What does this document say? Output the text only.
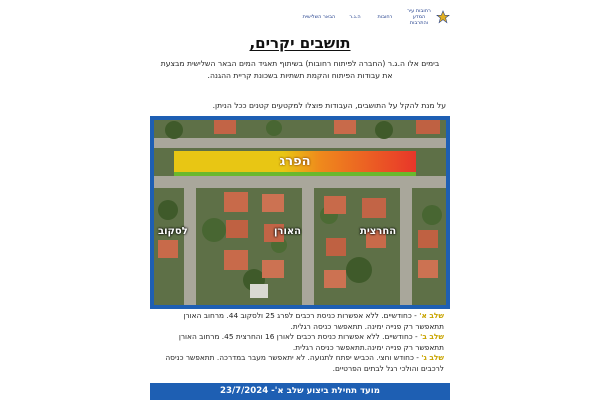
הבאר השלישית	ה.ג.ר	רחובות
רחובות עיר המדע והתרבות
תושבים יקרים,

בימים אלו ה.ג.ר (החברה לפיתוח רחובות) בשיתוף תאגיד המים הבאר השלישית מבצעת את עבודות הפיתוח והקמת תשתיות בשכונת קריית ההגנה.

על מנת להקל על התושבים, העבודות פוצלו למקטעים קטנים ככל הניתן.

הפרג
החרצית
האורן
לסקוב
שלב א' - כחודשיים. ללא אפשרות כניסת רכבים לפרג 25 ולסקוב 44. מרחוב האורן תתאפשר רק פנייה ימינה. תתאפשר כניסה רגלית.
שלב ב' - כחודשיים. ללא אפשרות כניסת רכבים לאורן 16 והחרצית 45. מרחוב האורן תתאפשר רק פנייה ימינה.תתאפשר כניסה רגלית.
שלב ג' - כחודש וחצי. הכביש יפתח לתנועה. לא יתאפשר מעבר במדרכה. תתאפשר כניסה לרכבים והולכי רגל לבתים הפרטיים.
מועד תחילת ביצוע שלב א'- 23/7/2024
